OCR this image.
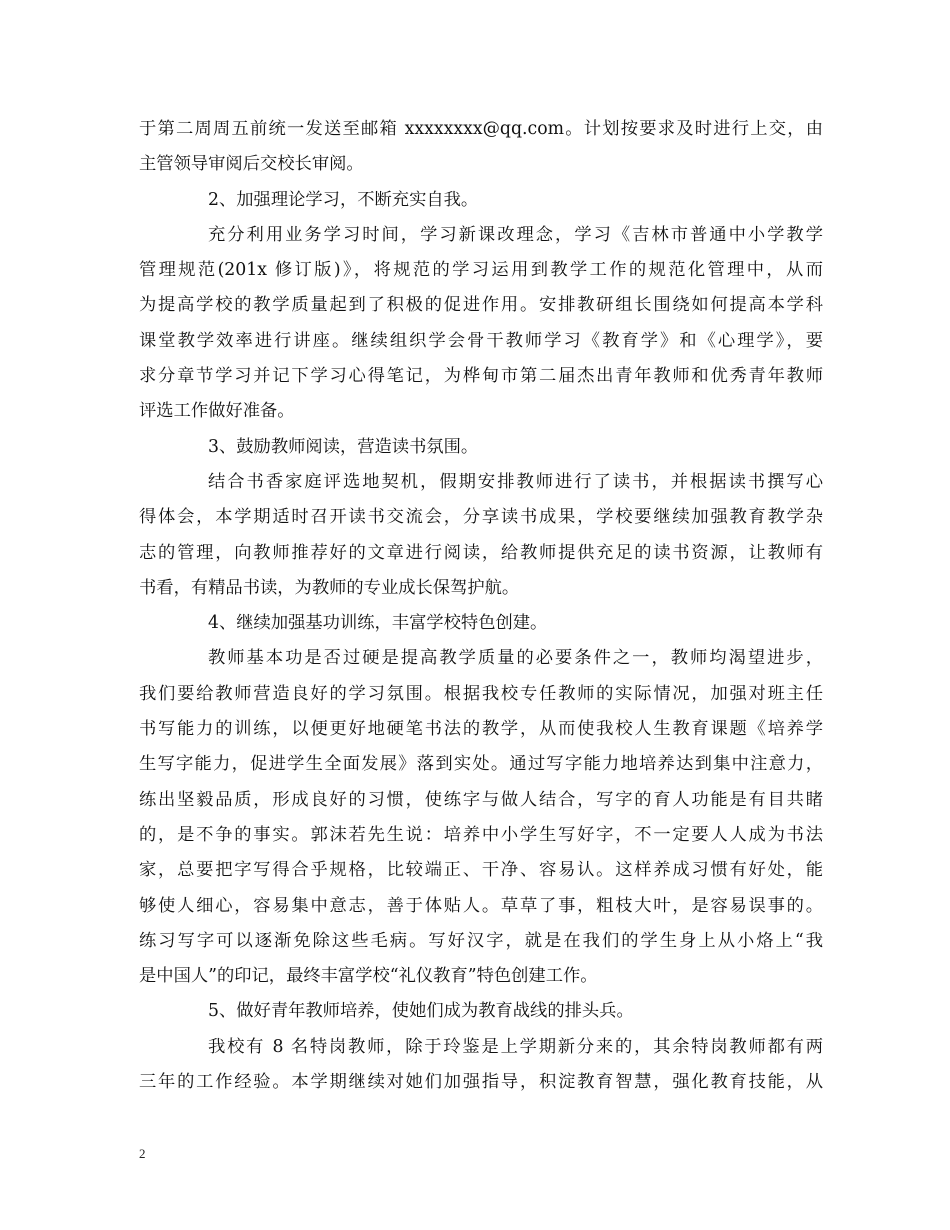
于第二周周五前统一发送至邮箱 xxxxxxxx@qq.com。计划按要求及时进行上交，由
主管领导审阅后交校长审阅。
2、加强理论学习，不断充实自我。
充分利用业务学习时间，学习新课改理念，学习《吉林市普通中小学教学
管理规范(201x 修订版)》，将规范的学习运用到教学工作的规范化管理中，从而
为提高学校的教学质量起到了积极的促进作用。安排教研组长围绕如何提高本学科
课堂教学效率进行讲座。继续组织学会骨干教师学习《教育学》和《心理学》，要
求分章节学习并记下学习心得笔记，为桦甸市第二届杰出青年教师和优秀青年教师
评选工作做好准备。
3、鼓励教师阅读，营造读书氛围。
结合书香家庭评选地契机，假期安排教师进行了读书，并根据读书撰写心
得体会，本学期适时召开读书交流会，分享读书成果，学校要继续加强教育教学杂
志的管理，向教师推荐好的文章进行阅读，给教师提供充足的读书资源，让教师有
书看，有精品书读，为教师的专业成长保驾护航。
4、继续加强基功训练，丰富学校特色创建。
教师基本功是否过硬是提高教学质量的必要条件之一，教师均渴望进步，
我们要给教师营造良好的学习氛围。根据我校专任教师的实际情况，加强对班主任
书写能力的训练，以便更好地硬笔书法的教学，从而使我校人生教育课题《培养学
生写字能力，促进学生全面发展》落到实处。通过写字能力地培养达到集中注意力，
练出坚毅品质，形成良好的习惯，使练字与做人结合，写字的育人功能是有目共睹
的，是不争的事实。郭沫若先生说：培养中小学生写好字，不一定要人人成为书法
家，总要把字写得合乎规格，比较端正、干净、容易认。这样养成习惯有好处，能
够使人细心，容易集中意志，善于体贴人。草草了事，粗枝大叶，是容易误事的。
练习写字可以逐渐免除这些毛病。写好汉字，就是在我们的学生身上从小烙上“我
是中国人”的印记，最终丰富学校“礼仪教育”特色创建工作。
5、做好青年教师培养，使她们成为教育战线的排头兵。
我校有 8 名特岗教师，除于玲鉴是上学期新分来的，其余特岗教师都有两
三年的工作经验。本学期继续对她们加强指导，积淀教育智慧，强化教育技能，从
2
